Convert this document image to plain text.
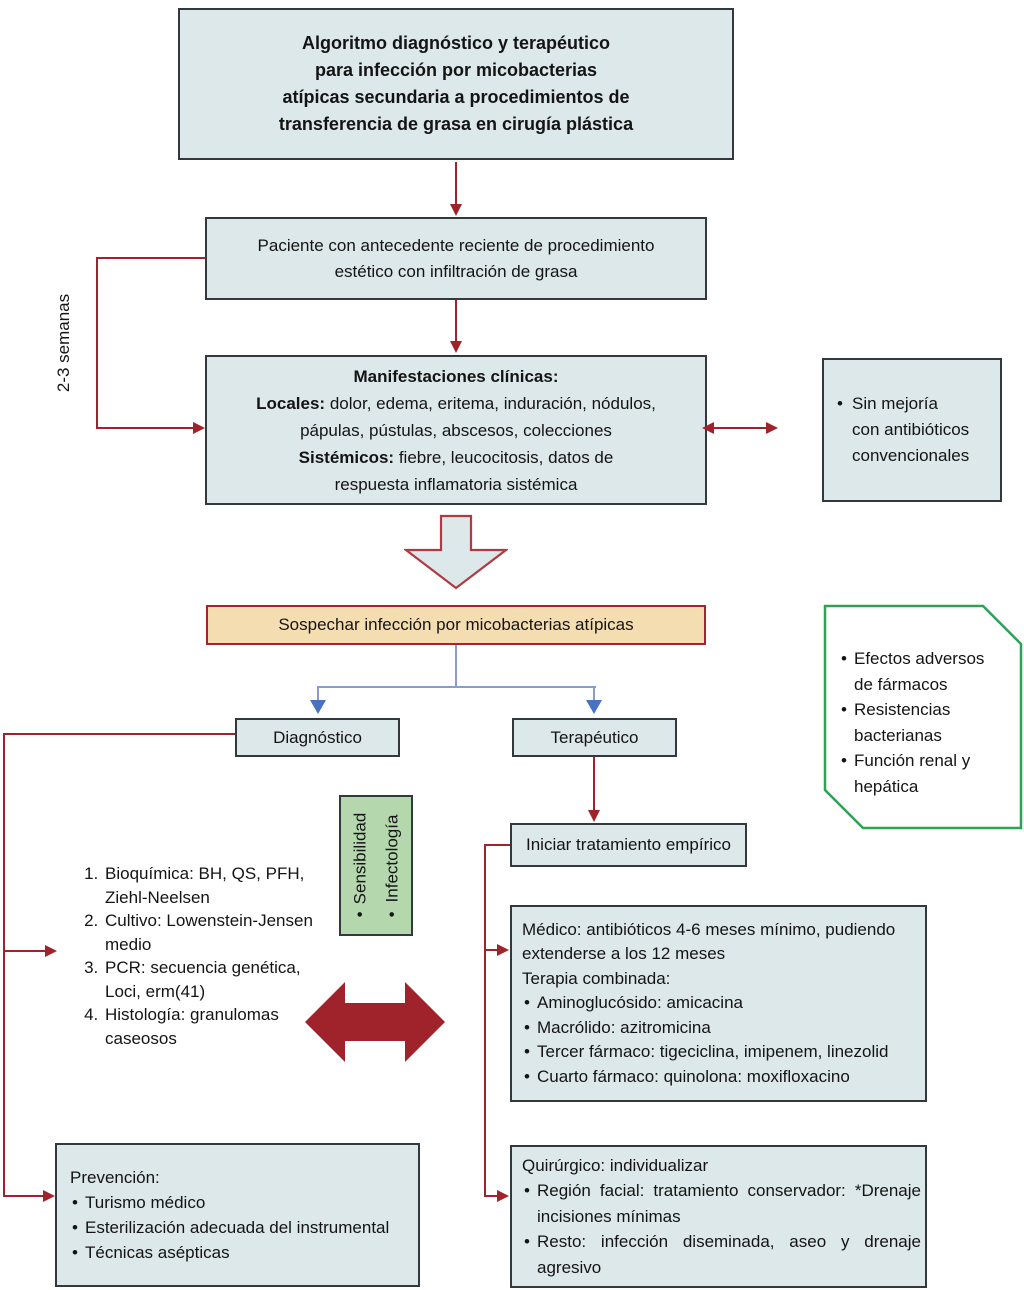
Algoritmo diagnóstico y terapéutico
para infección por micobacterias
atípicas secundaria a procedimientos de
transferencia de grasa en cirugía plástica
Paciente con antecedente reciente de procedimiento
estético con infiltración de grasa
2-3 semanas	Manifestaciones clínicas:
Locales: dolor, edema, eritema, induración, nódulos,
pápulas, pústulas, abscesos, colecciones
Sistémicos: fiebre, leucocitosis, datos de
respuesta inflamatoria sistémica
•
Sin mejoría
con antibióticos
convencionales
Sospechar infección por micobacterias atípicas
• Efectos adversos de fármacos
• Resistencias bacterianas
• Función renal y hepática
Diagnóstico	Terapéutico
• Sensibilidad • Infectología	Iniciar tratamiento empírico
1. Bioquímica: BH, QS, PFH, Ziehl-Neelsen
2. Cultivo: Lowenstein-Jensen medio
3. PCR: secuencia genética, Loci, erm(41)
4. Histología: granulomas caseosos
Médico: antibióticos 4-6 meses mínimo, pudiendo extenderse a los 12 meses
Terapia combinada:
• Aminoglucósido: amicacina
• Macrólido: azitromicina
• Tercer fármaco: tigeciclina, imipenem, linezolid
• Cuarto fármaco: quinolona: moxifloxacino
Prevención:
• Turismo médico
• Esterilización adecuada del instrumental
• Técnicas asépticas
Quirúrgico: individualizar
• Región facial: tratamiento conservador: *Drenaje incisiones mínimas
• Resto: infección diseminada, aseo y drenaje agresivo
